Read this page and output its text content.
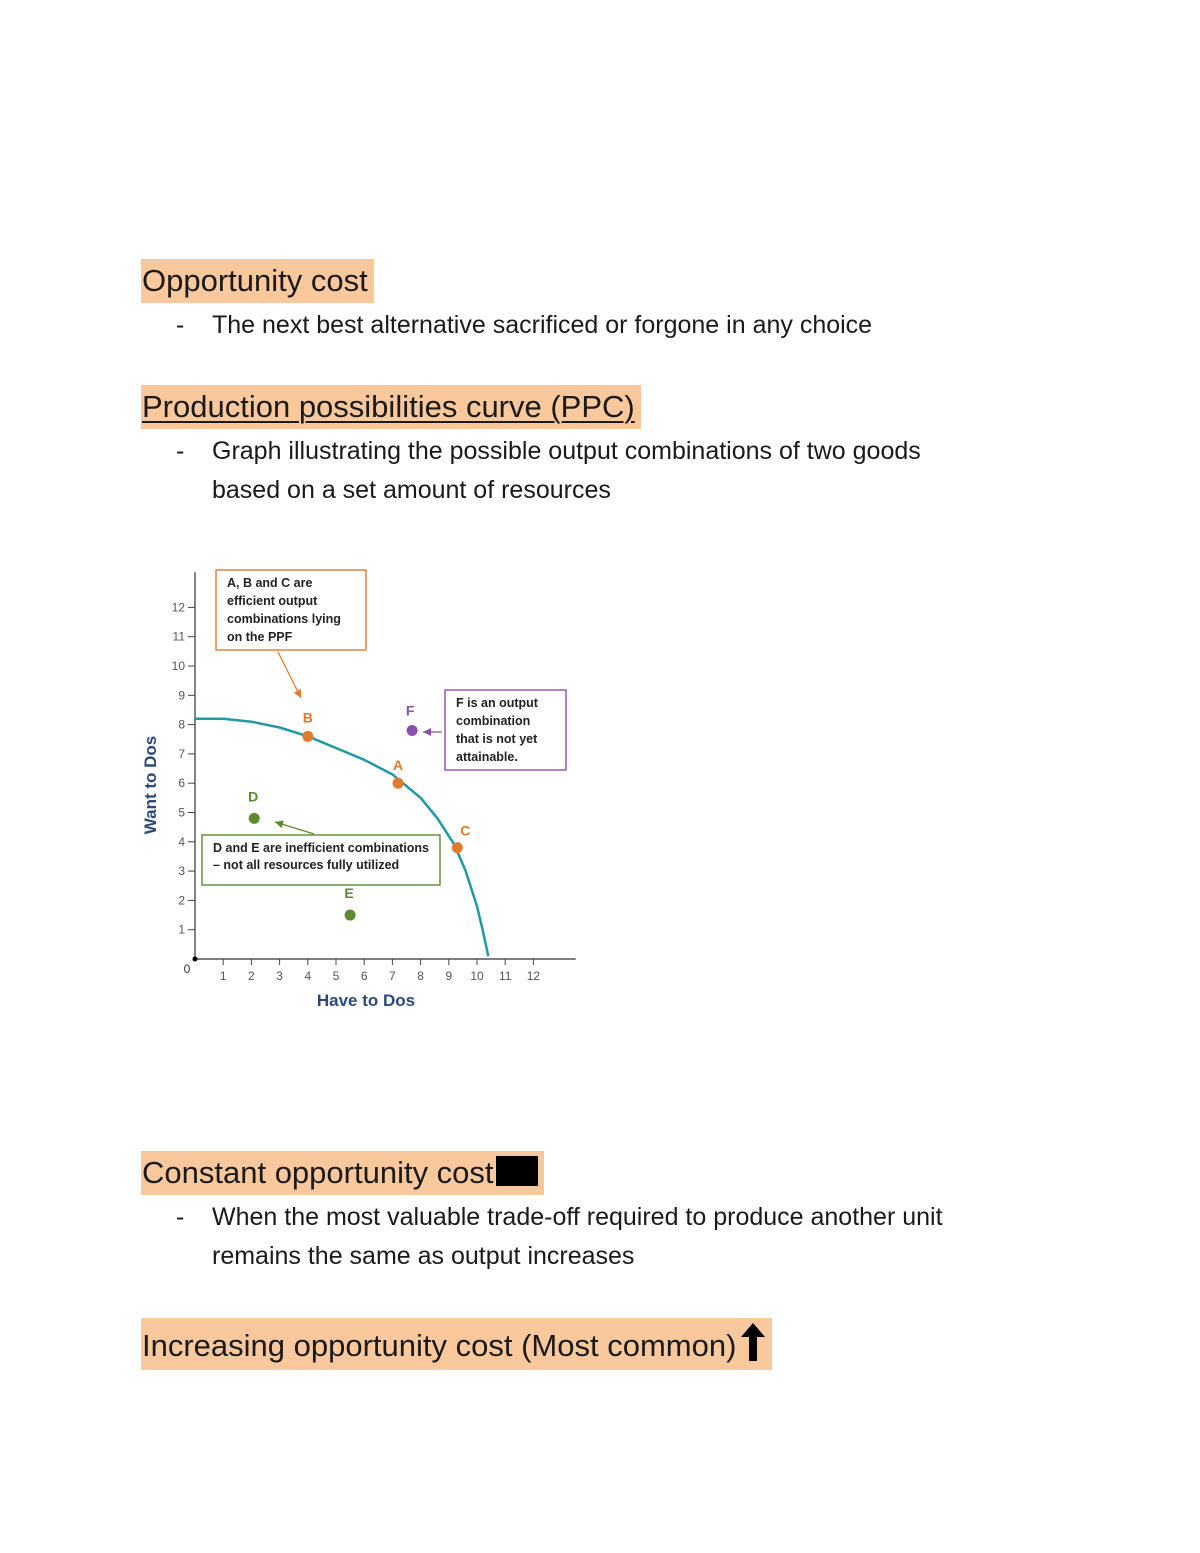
Opportunity cost
- The next best alternative sacrificed or forgone in any choice
Production possibilities curve (PPC)
- Graph illustrating the possible output combinations of two goods
based on a set amount of resources
0 1 2 3 4 5 6 7 8 9 10 11 12
1
2
3
4
5
6
7
8
9
10
11
12
A, B and C are
efficient output
combinations lying
on the PPF
F is an output
combination
that is not yet
attainable.
D and E are inefficient combinations
– not all resources fully utilized
A
B
C
D
E
F
Have to Dos
Want to Dos
Constant opportunity cost
- When the most valuable trade-off required to produce another unit
remains the same as output increases
Increasing opportunity cost (Most common)
